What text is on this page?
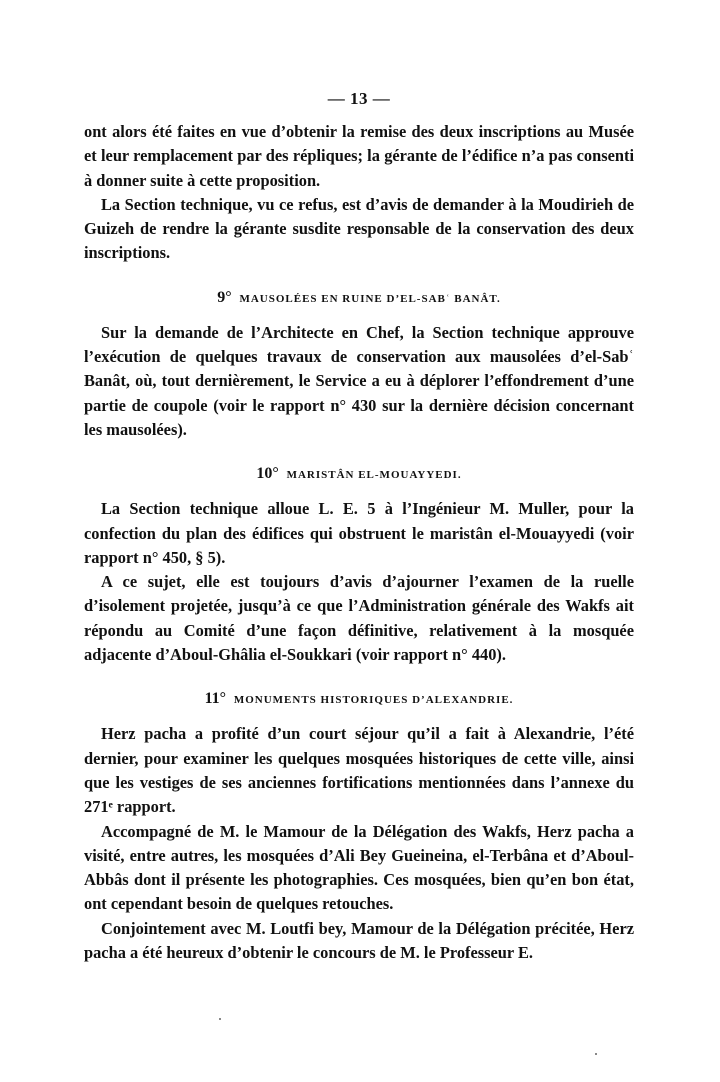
— 13 —

ont alors été faites en vue d’obtenir la remise des deux inscriptions au Musée et leur remplacement par des répliques; la gérante de l’édifice n’a pas consenti à donner suite à cette proposition.

La Section technique, vu ce refus, est d’avis de demander à la Moudirieh de Guizeh de rendre la gérante susdite responsable de la conservation des deux inscriptions.

9° MAUSOLÉES EN RUINE D’EL-SABʿ BANÂT.

Sur la demande de l’Architecte en Chef, la Section technique approuve l’exécution de quelques travaux de conservation aux mausolées d’el-Sabʿ Banât, où, tout dernièrement, le Service a eu à déplorer l’effondrement d’une partie de coupole (voir le rapport n° 430 sur la dernière décision concernant les mausolées).

10° MARISTÂN EL-MOUAYYEDI.

La Section technique alloue L. E. 5 à l’Ingénieur M. Muller, pour la confection du plan des édifices qui obstruent le maristân el-Mouayyedi (voir rapport n° 450, § 5).

A ce sujet, elle est toujours d’avis d’ajourner l’examen de la ruelle d’isolement projetée, jusqu’à ce que l’Administration générale des Wakfs ait répondu au Comité d’une façon définitive, relativement à la mosquée adjacente d’Aboul-Ghâlia el-Soukkari (voir rapport n° 440).

11° MONUMENTS HISTORIQUES D’ALEXANDRIE.

Herz pacha a profité d’un court séjour qu’il a fait à Alexandrie, l’été dernier, pour examiner les quelques mosquées historiques de cette ville, ainsi que les vestiges de ses anciennes fortifications mentionnées dans l’annexe du 271ᵉ rapport.

Accompagné de M. le Mamour de la Délégation des Wakfs, Herz pacha a visité, entre autres, les mosquées d’Ali Bey Gueineina, el-Terbâna et d’Aboul-Abbâs dont il présente les photographies. Ces mosquées, bien qu’en bon état, ont cependant besoin de quelques retouches.

Conjointement avec M. Loutfi bey, Mamour de la Délégation précitée, Herz pacha a été heureux d’obtenir le concours de M. le Professeur E.
